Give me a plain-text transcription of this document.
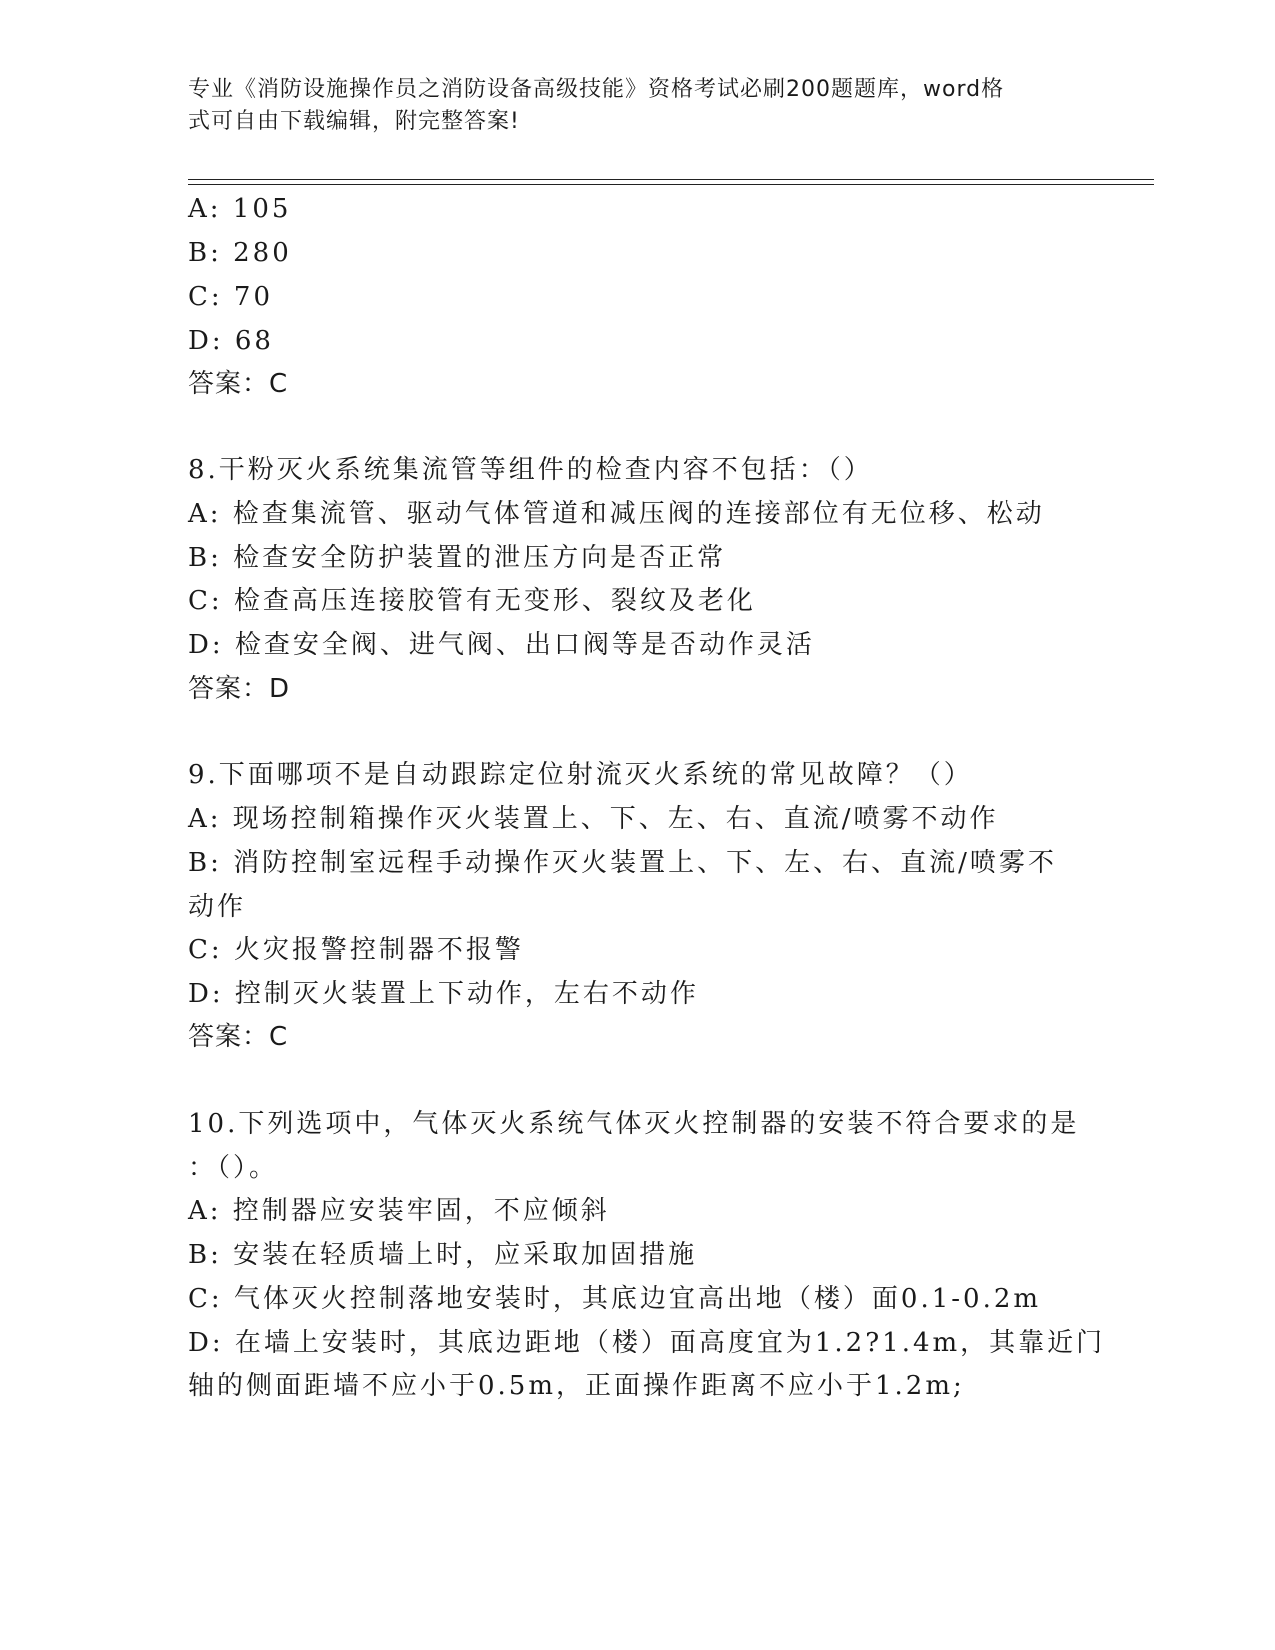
专业《消防设施操作员之消防设备高级技能》资格考试必刷200题题库，word格
式可自由下载编辑，附完整答案!
A: 105
B: 280
C: 70
D: 68
答案：C
8.干粉灭火系统集流管等组件的检查内容不包括：（）
A: 检查集流管、驱动气体管道和减压阀的连接部位有无位移、松动
B: 检查安全防护装置的泄压方向是否正常
C: 检查高压连接胶管有无变形、裂纹及老化
D: 检查安全阀、进气阀、出口阀等是否动作灵活
答案：D
9.下面哪项不是自动跟踪定位射流灭火系统的常见故障？（）
A: 现场控制箱操作灭火装置上、下、左、右、直流/喷雾不动作
B: 消防控制室远程手动操作灭火装置上、下、左、右、直流/喷雾不
动作
C: 火灾报警控制器不报警
D: 控制灭火装置上下动作，左右不动作
答案：C
10.下列选项中，气体灭火系统气体灭火控制器的安装不符合要求的是
：（）。
A: 控制器应安装牢固，不应倾斜
B: 安装在轻质墙上时，应采取加固措施
C: 气体灭火控制落地安装时，其底边宜高出地（楼）面0.1-0.2m
D: 在墙上安装时，其底边距地（楼）面高度宜为1.2?1.4m，其靠近门
轴的侧面距墙不应小于0.5m，正面操作距离不应小于1.2m;
